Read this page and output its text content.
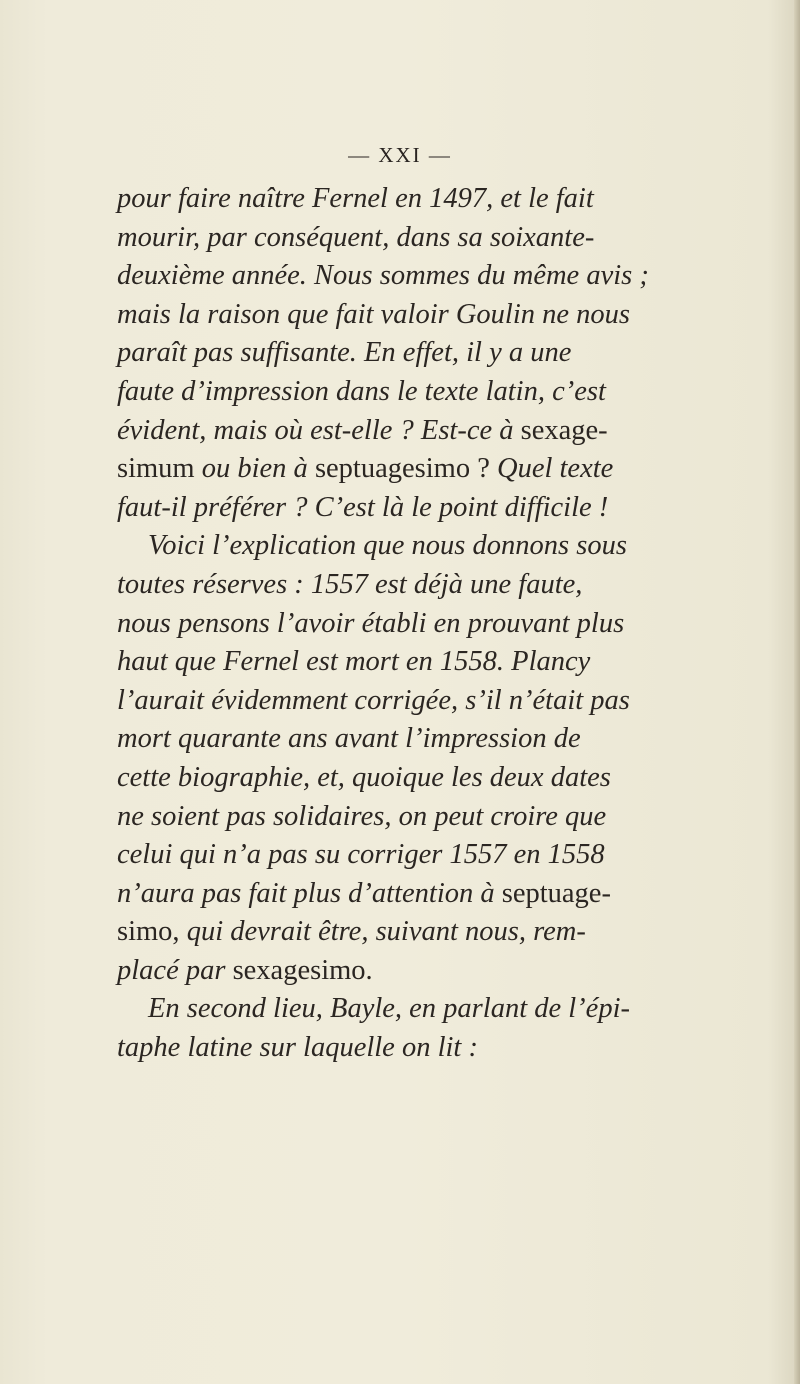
— XXI —
pour faire naître Fernel en 1497, et le fait
mourir, par conséquent, dans sa soixante-
deuxième année. Nous sommes du même avis ;
mais la raison que fait valoir Goulin ne nous
paraît pas suffisante. En effet, il y a une
faute d’impression dans le texte latin, c’est
évident, mais où est-elle ? Est-ce à sexage-
simum ou bien à septuagesimo ? Quel texte
faut-il préférer ? C’est là le point difficile !
Voici l’explication que nous donnons sous
toutes réserves : 1557 est déjà une faute,
nous pensons l’avoir établi en prouvant plus
haut que Fernel est mort en 1558. Plancy
l’aurait évidemment corrigée, s’il n’était pas
mort quarante ans avant l’impression de
cette biographie, et, quoique les deux dates
ne soient pas solidaires, on peut croire que
celui qui n’a pas su corriger 1557 en 1558
n’aura pas fait plus d’attention à septuage-
simo, qui devrait être, suivant nous, rem-
placé par sexagesimo.
En second lieu, Bayle, en parlant de l’épi-
taphe latine sur laquelle on lit :
